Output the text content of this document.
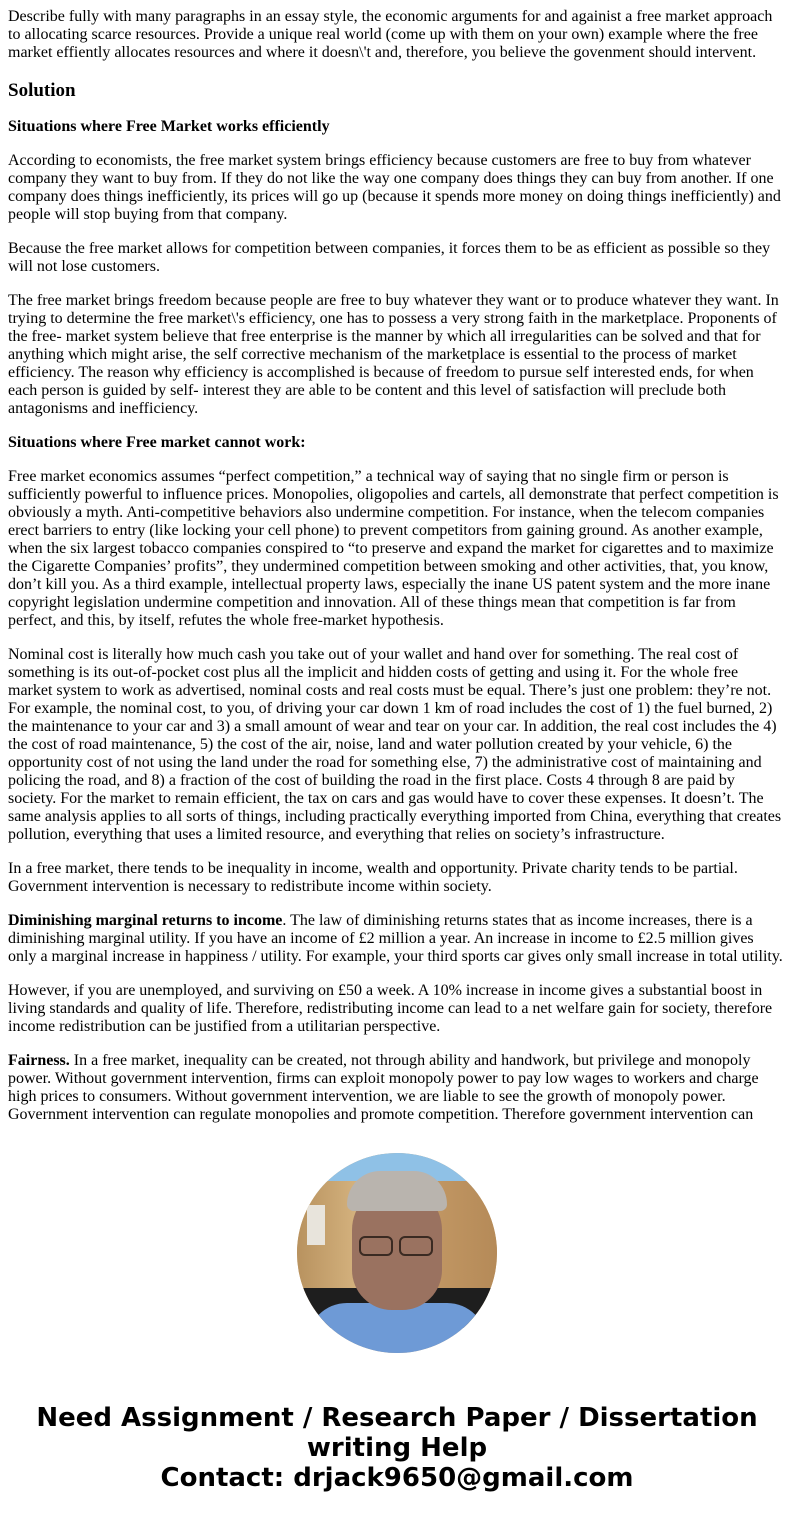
Describe fully with many paragraphs in an essay style, the economic arguments for and againist a free market approach to allocating scarce resources. Provide a unique real world (come up with them on your own) example where the free market effiently allocates resources and where it doesn\'t and, therefore, you believe the govenment should intervent.

Solution

Situations where Free Market works efficiently

According to economists, the free market system brings efficiency because customers are free to buy from whatever company they want to buy from. If they do not like the way one company does things they can buy from another. If one company does things inefficiently, its prices will go up (because it spends more money on doing things inefficiently) and people will stop buying from that company.

Because the free market allows for competition between companies, it forces them to be as efficient as possible so they will not lose customers.

The free market brings freedom because people are free to buy whatever they want or to produce whatever they want. In trying to determine the free market\'s efficiency, one has to possess a very strong faith in the marketplace. Proponents of the free- market system believe that free enterprise is the manner by which all irregularities can be solved and that for anything which might arise, the self corrective mechanism of the marketplace is essential to the process of market efficiency. The reason why efficiency is accomplished is because of freedom to pursue self interested ends, for when each person is guided by self- interest they are able to be content and this level of satisfaction will preclude both antagonisms and inefficiency.

Situations where Free market cannot work:

Free market economics assumes “perfect competition,” a technical way of saying that no single firm or person is sufficiently powerful to influence prices. Monopolies, oligopolies and cartels, all demonstrate that perfect competition is obviously a myth. Anti-competitive behaviors also undermine competition. For instance, when the telecom companies erect barriers to entry (like locking your cell phone) to prevent competitors from gaining ground. As another example, when the six largest tobacco companies conspired to “to preserve and expand the market for cigarettes and to maximize the Cigarette Companies’ profits”, they undermined competition between smoking and other activities, that, you know, don’t kill you. As a third example, intellectual property laws, especially the inane US patent system and the more inane copyright legislation undermine competition and innovation. All of these things mean that competition is far from perfect, and this, by itself, refutes the whole free-market hypothesis.

Nominal cost is literally how much cash you take out of your wallet and hand over for something. The real cost of something is its out-of-pocket cost plus all the implicit and hidden costs of getting and using it. For the whole free market system to work as advertised, nominal costs and real costs must be equal. There’s just one problem: they’re not. For example, the nominal cost, to you, of driving your car down 1 km of road includes the cost of 1) the fuel burned, 2) the maintenance to your car and 3) a small amount of wear and tear on your car. In addition, the real cost includes the 4) the cost of road maintenance, 5) the cost of the air, noise, land and water pollution created by your vehicle, 6) the opportunity cost of not using the land under the road for something else, 7) the administrative cost of maintaining and policing the road, and 8) a fraction of the cost of building the road in the first place. Costs 4 through 8 are paid by society. For the market to remain efficient, the tax on cars and gas would have to cover these expenses. It doesn’t. The same analysis applies to all sorts of things, including practically everything imported from China, everything that creates pollution, everything that uses a limited resource, and everything that relies on society’s infrastructure.

In a free market, there tends to be inequality in income, wealth and opportunity. Private charity tends to be partial. Government intervention is necessary to redistribute income within society.

Diminishing marginal returns to income. The law of diminishing returns states that as income increases, there is a diminishing marginal utility. If you have an income of £2 million a year. An increase in income to £2.5 million gives only a marginal increase in happiness / utility. For example, your third sports car gives only small increase in total utility.

However, if you are unemployed, and surviving on £50 a week. A 10% increase in income gives a substantial boost in living standards and quality of life. Therefore, redistributing income can lead to a net welfare gain for society, therefore income redistribution can be justified from a utilitarian perspective.

Fairness. In a free market, inequality can be created, not through ability and handwork, but privilege and monopoly power. Without government intervention, firms can exploit monopoly power to pay low wages to workers and charge high prices to consumers. Without government intervention, we are liable to see the growth of monopoly power. Government intervention can regulate monopolies and promote competition. Therefore government intervention can

Need Assignment / Research Paper / Dissertation
writing Help
Contact: drjack9650@gmail.com
